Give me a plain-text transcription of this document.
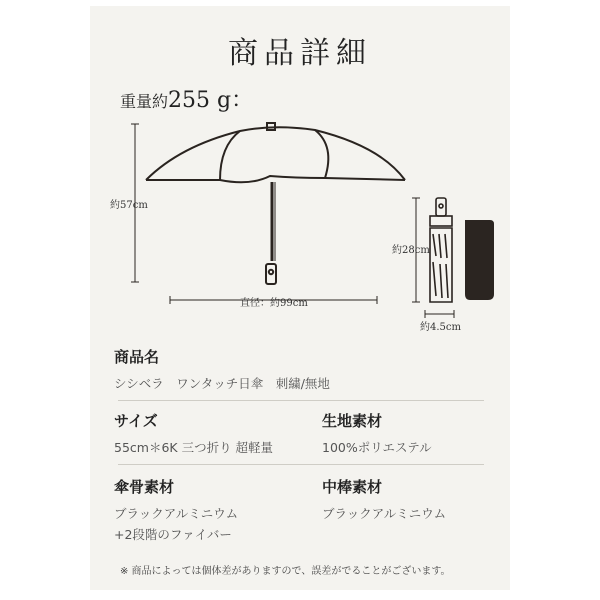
商品詳細
重量約255 g：
約57cm
直径：約99cm
約28cm
約4.5cm
商品名
シシベラ　ワンタッチ日傘　刺繍/無地
サイズ
55cm＊6K 三つ折り 超軽量
生地素材
100%ポリエステル
傘骨素材
ブラックアルミニウム
+2段階のファイバー
中棒素材
ブラックアルミニウム
※ 商品によっては個体差がありますので、誤差がでることがございます。
